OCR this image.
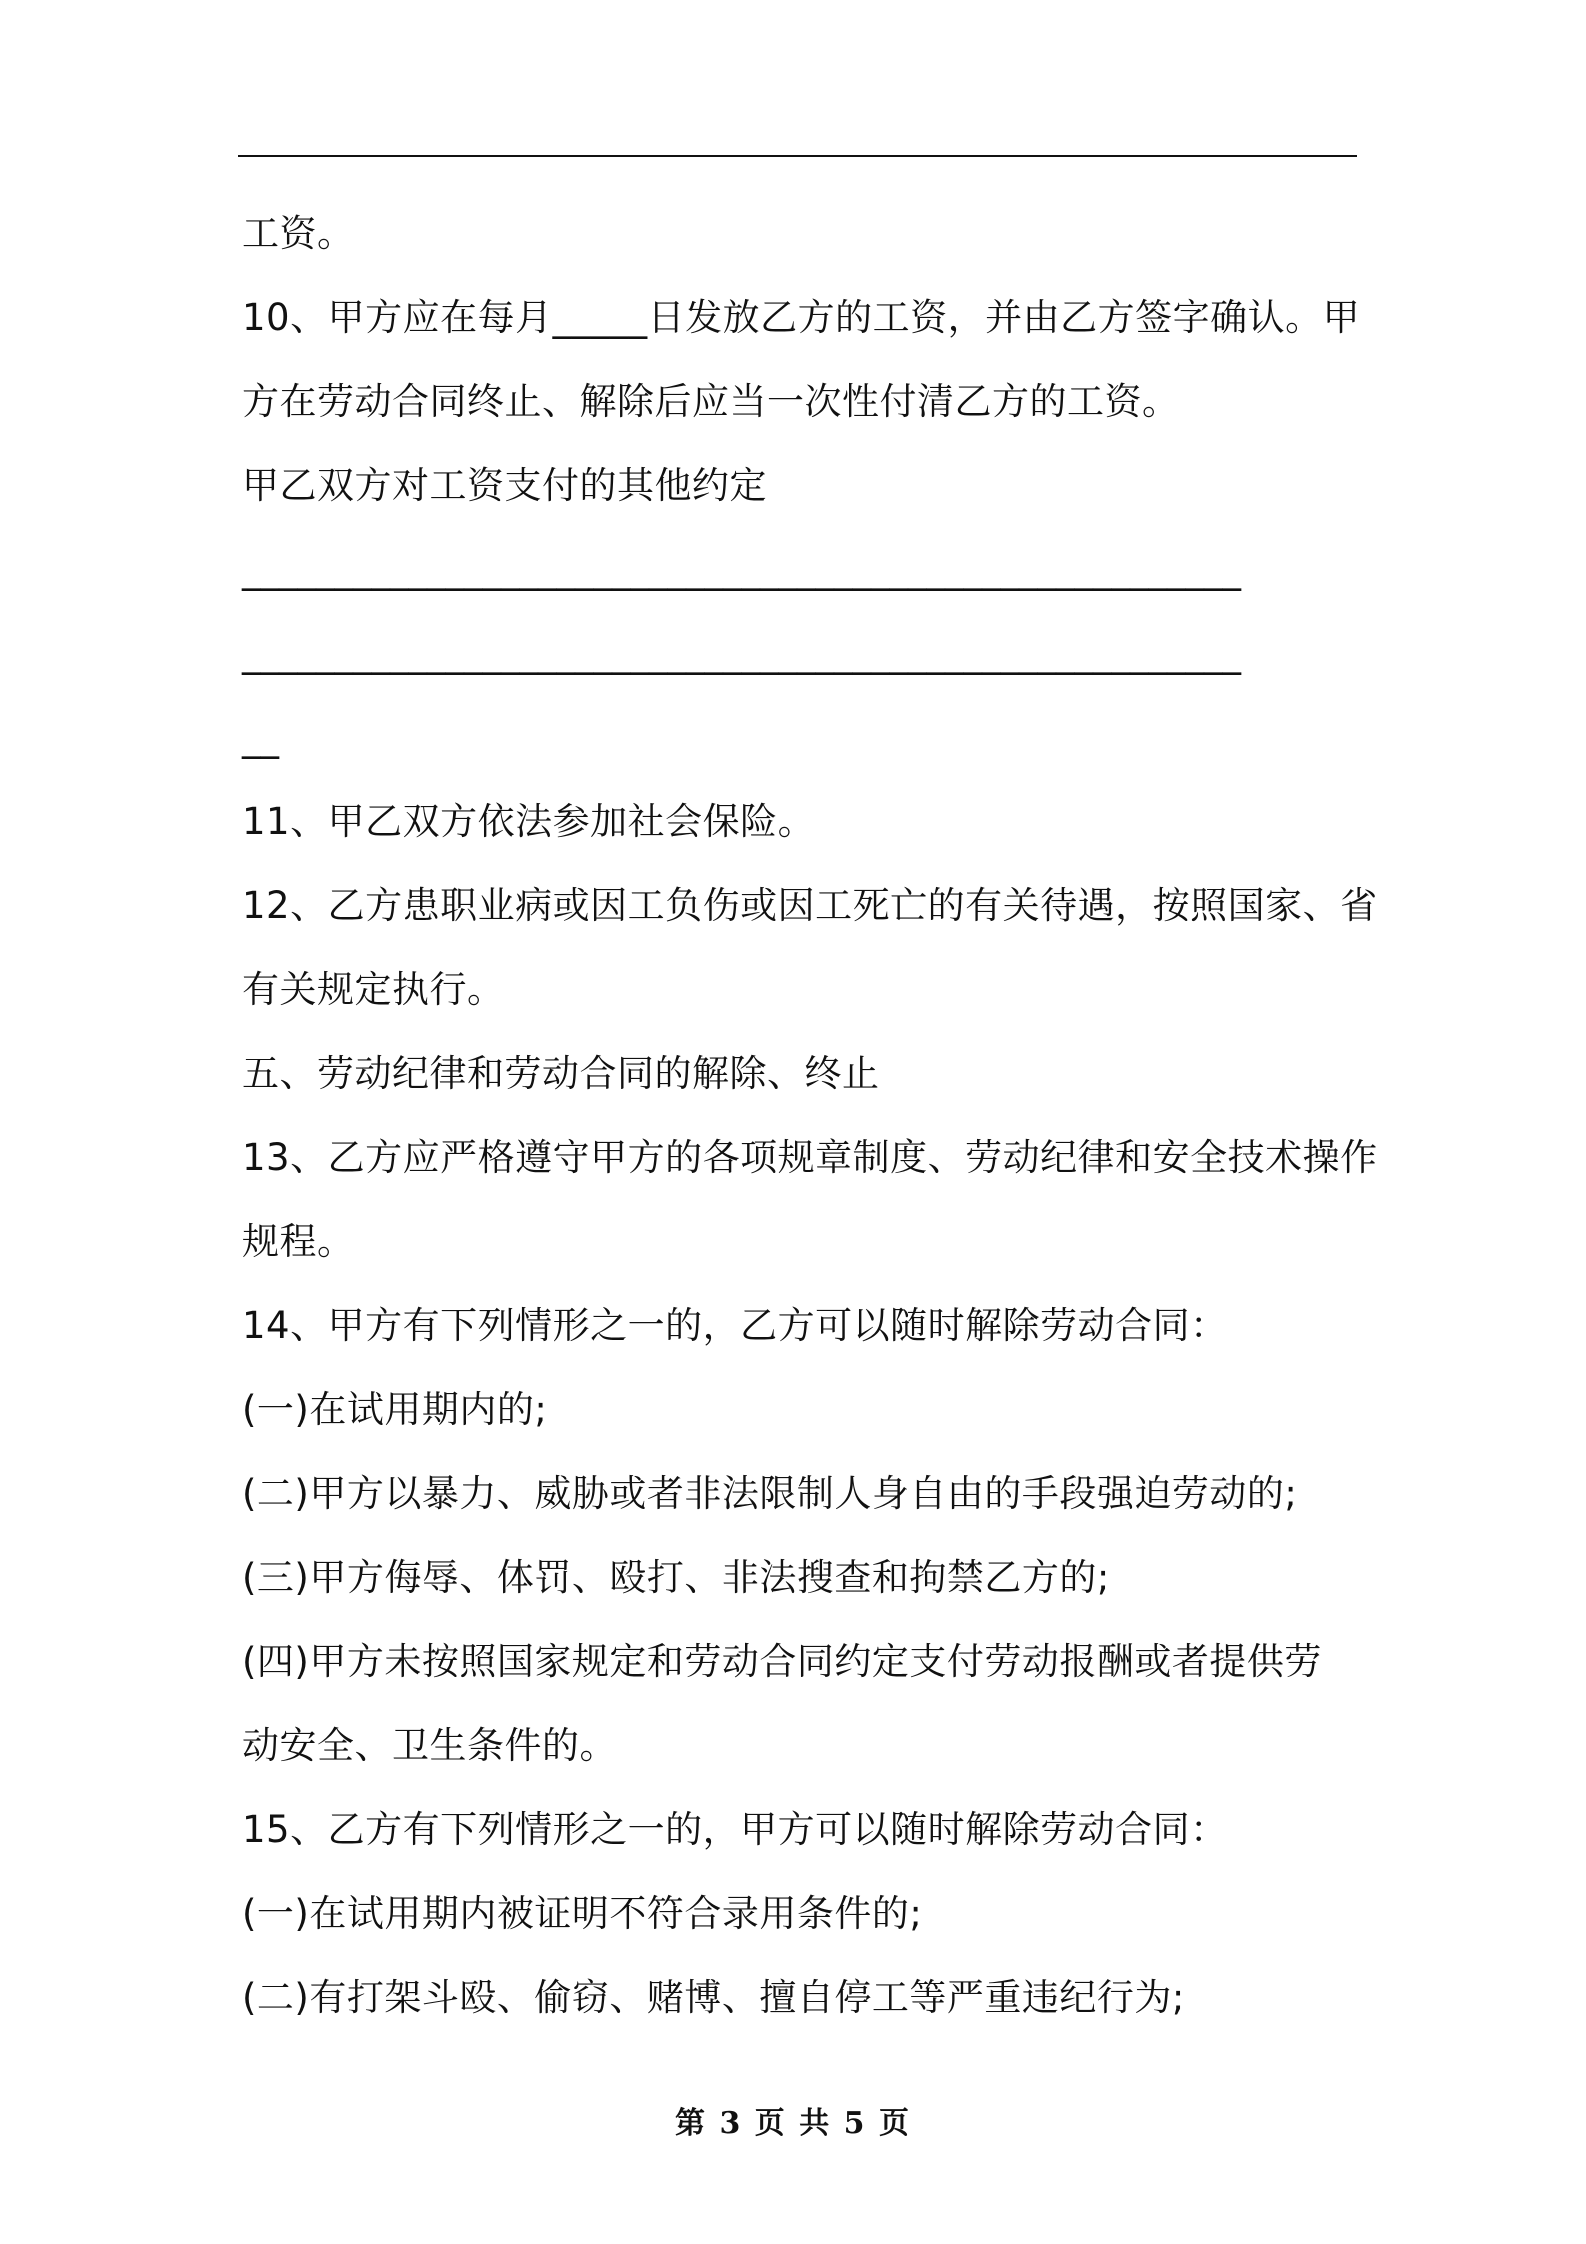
工资。
10、甲方应在每月_____日发放乙方的工资，并由乙方签字确认。甲
方在劳动合同终止、解除后应当一次性付清乙方的工资。
甲乙双方对工资支付的其他约定
______________________________________________________
______________________________________________________
__
11、甲乙双方依法参加社会保险。
12、乙方患职业病或因工负伤或因工死亡的有关待遇，按照国家、省
有关规定执行。
五、劳动纪律和劳动合同的解除、终止
13、乙方应严格遵守甲方的各项规章制度、劳动纪律和安全技术操作
规程。
14、甲方有下列情形之一的，乙方可以随时解除劳动合同：
(一)在试用期内的;
(二)甲方以暴力、威胁或者非法限制人身自由的手段强迫劳动的;
(三)甲方侮辱、体罚、殴打、非法搜查和拘禁乙方的;
(四)甲方未按照国家规定和劳动合同约定支付劳动报酬或者提供劳
动安全、卫生条件的。
15、乙方有下列情形之一的，甲方可以随时解除劳动合同：
(一)在试用期内被证明不符合录用条件的;
(二)有打架斗殴、偷窃、赌博、擅自停工等严重违纪行为;
第 3 页 共 5 页
